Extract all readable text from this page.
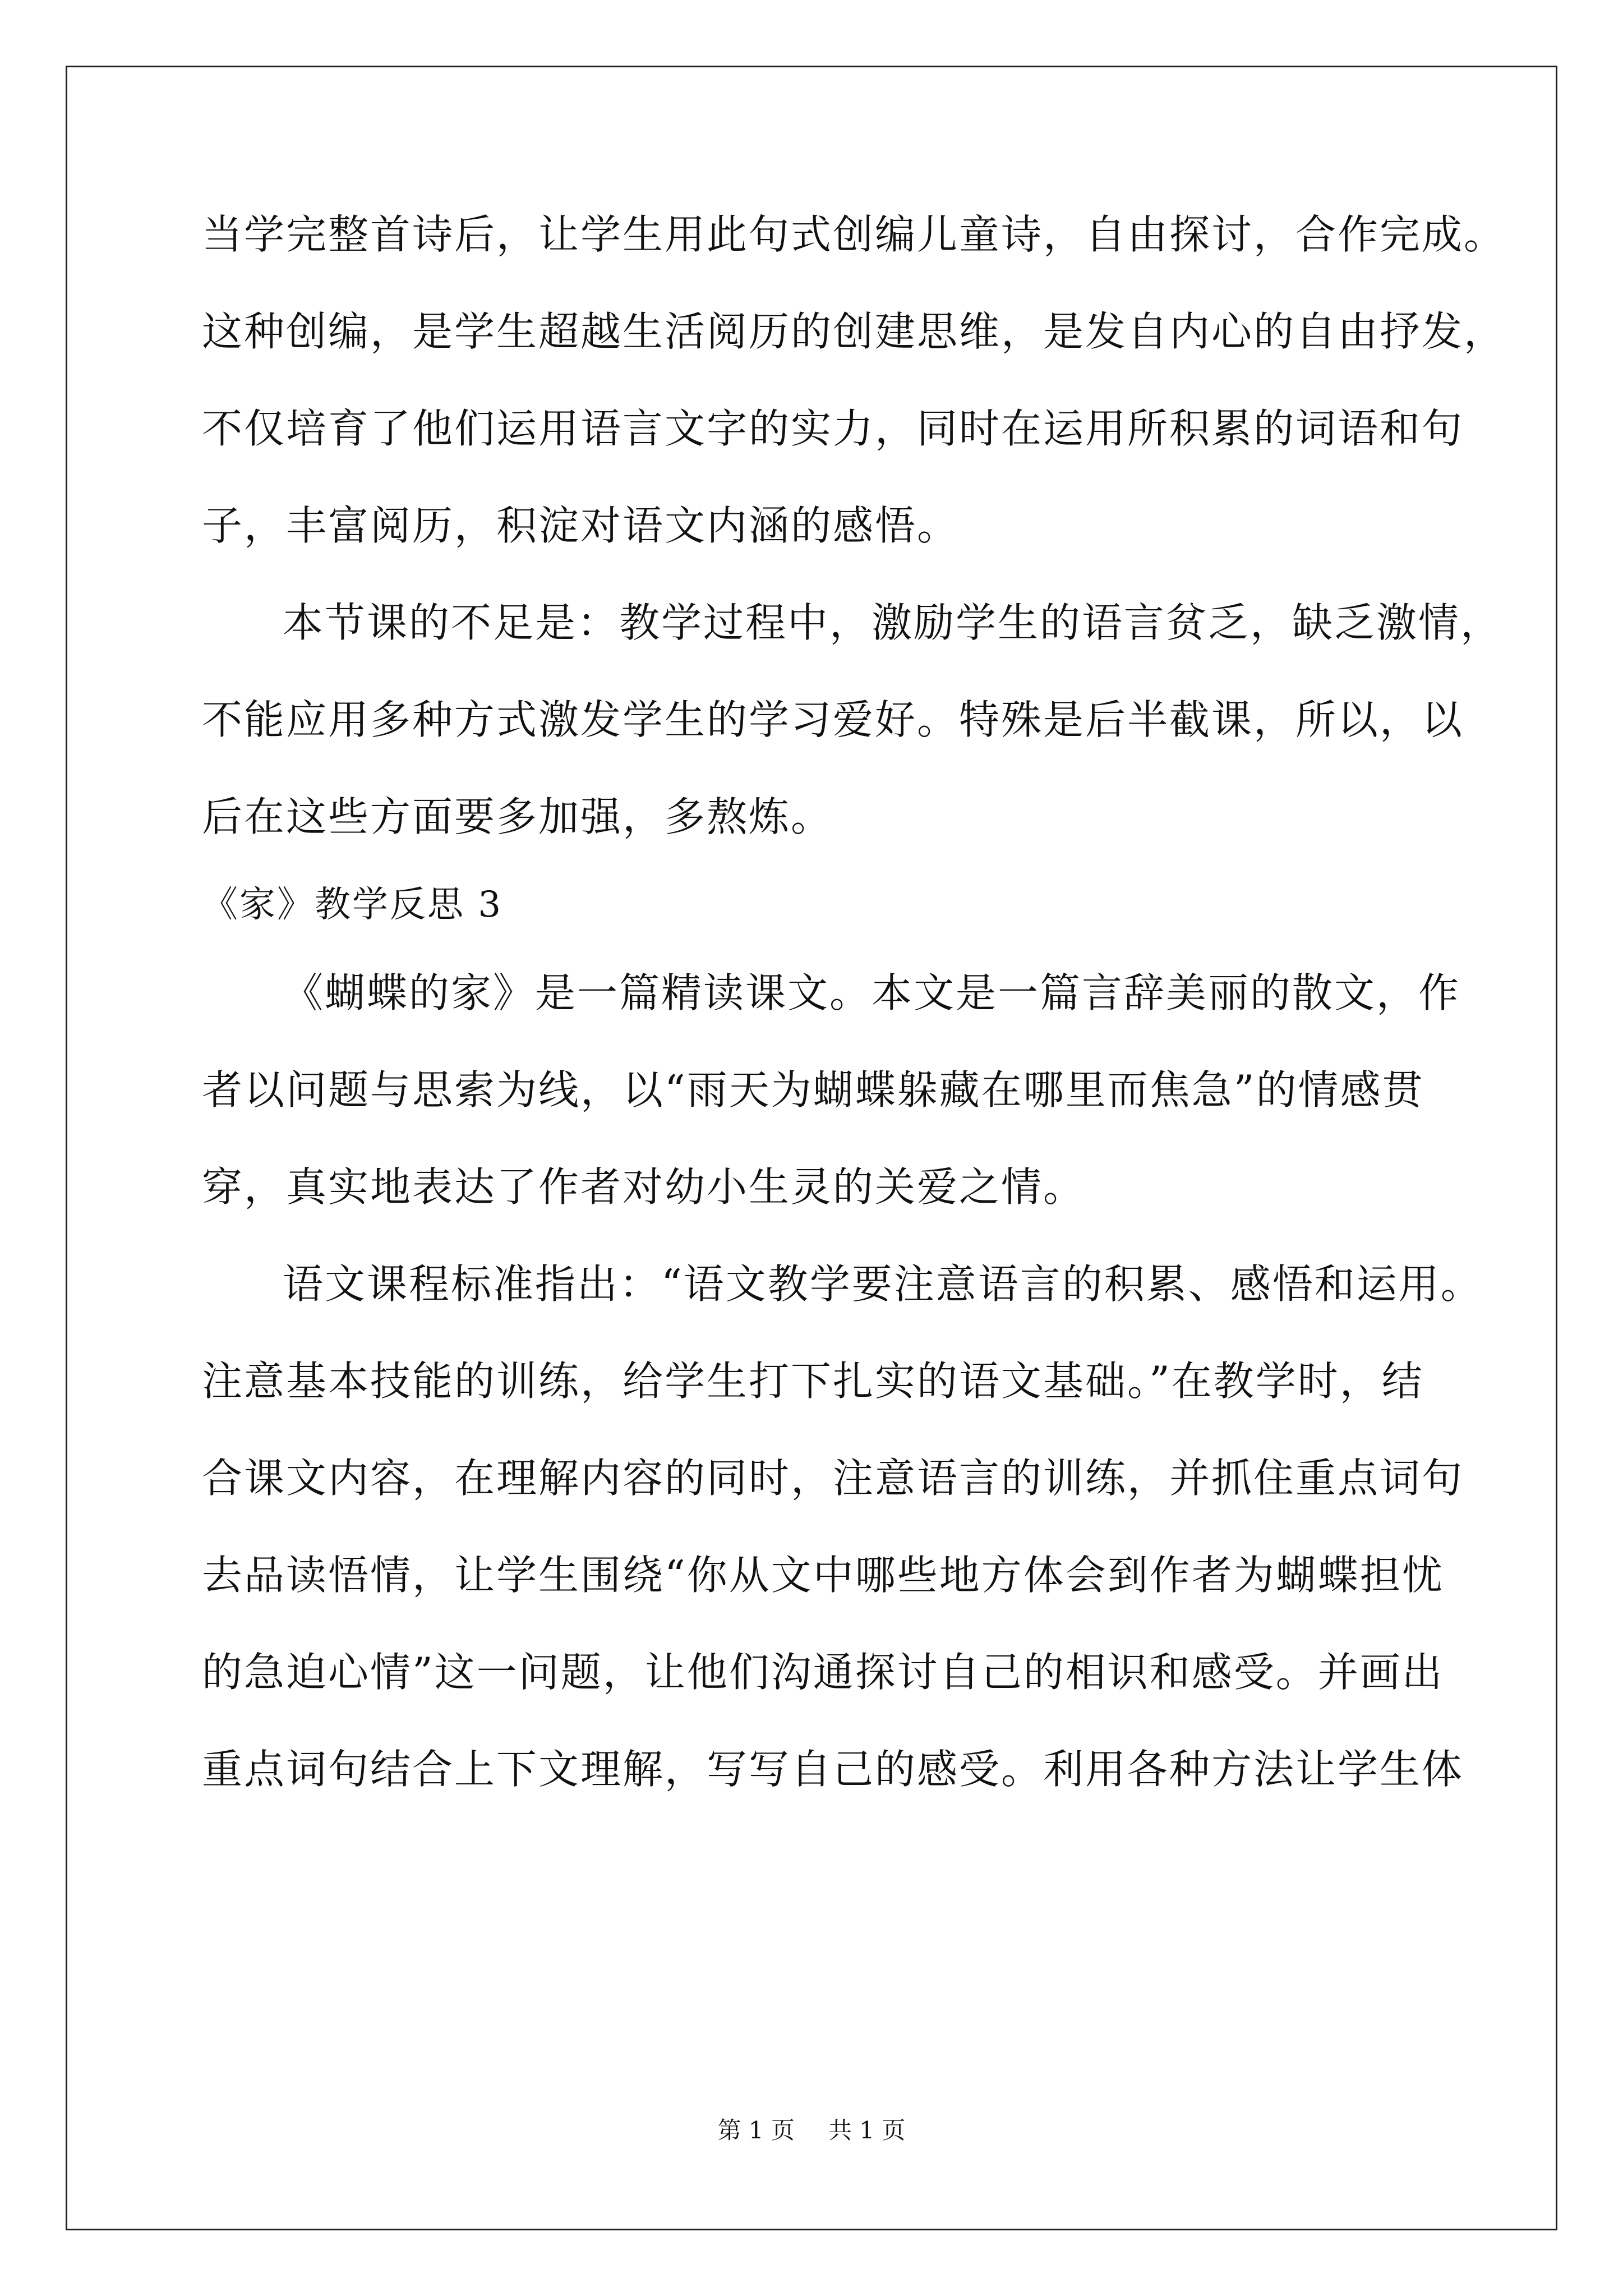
当学完整首诗后，让学生用此句式创编儿童诗，自由探讨，合作完成。
这种创编，是学生超越生活阅历的创建思维，是发自内心的自由抒发，
不仅培育了他们运用语言文字的实力，同时在运用所积累的词语和句
子，丰富阅历，积淀对语文内涵的感悟。
本节课的不足是：教学过程中，激励学生的语言贫乏，缺乏激情，
不能应用多种方式激发学生的学习爱好。特殊是后半截课，所以，以
后在这些方面要多加强，多熬炼。
《家》教学反思 3
《蝴蝶的家》是一篇精读课文。本文是一篇言辞美丽的散文，作
者以问题与思索为线，以“雨天为蝴蝶躲藏在哪里而焦急”的情感贯
穿，真实地表达了作者对幼小生灵的关爱之情。
语文课程标准指出：“语文教学要注意语言的积累、感悟和运用。
注意基本技能的训练，给学生打下扎实的语文基础。”在教学时，结
合课文内容，在理解内容的同时，注意语言的训练，并抓住重点词句
去品读悟情，让学生围绕“你从文中哪些地方体会到作者为蝴蝶担忧
的急迫心情”这一问题，让他们沟通探讨自己的相识和感受。并画出
重点词句结合上下文理解，写写自己的感受。利用各种方法让学生体
第 1 页 共 1 页
